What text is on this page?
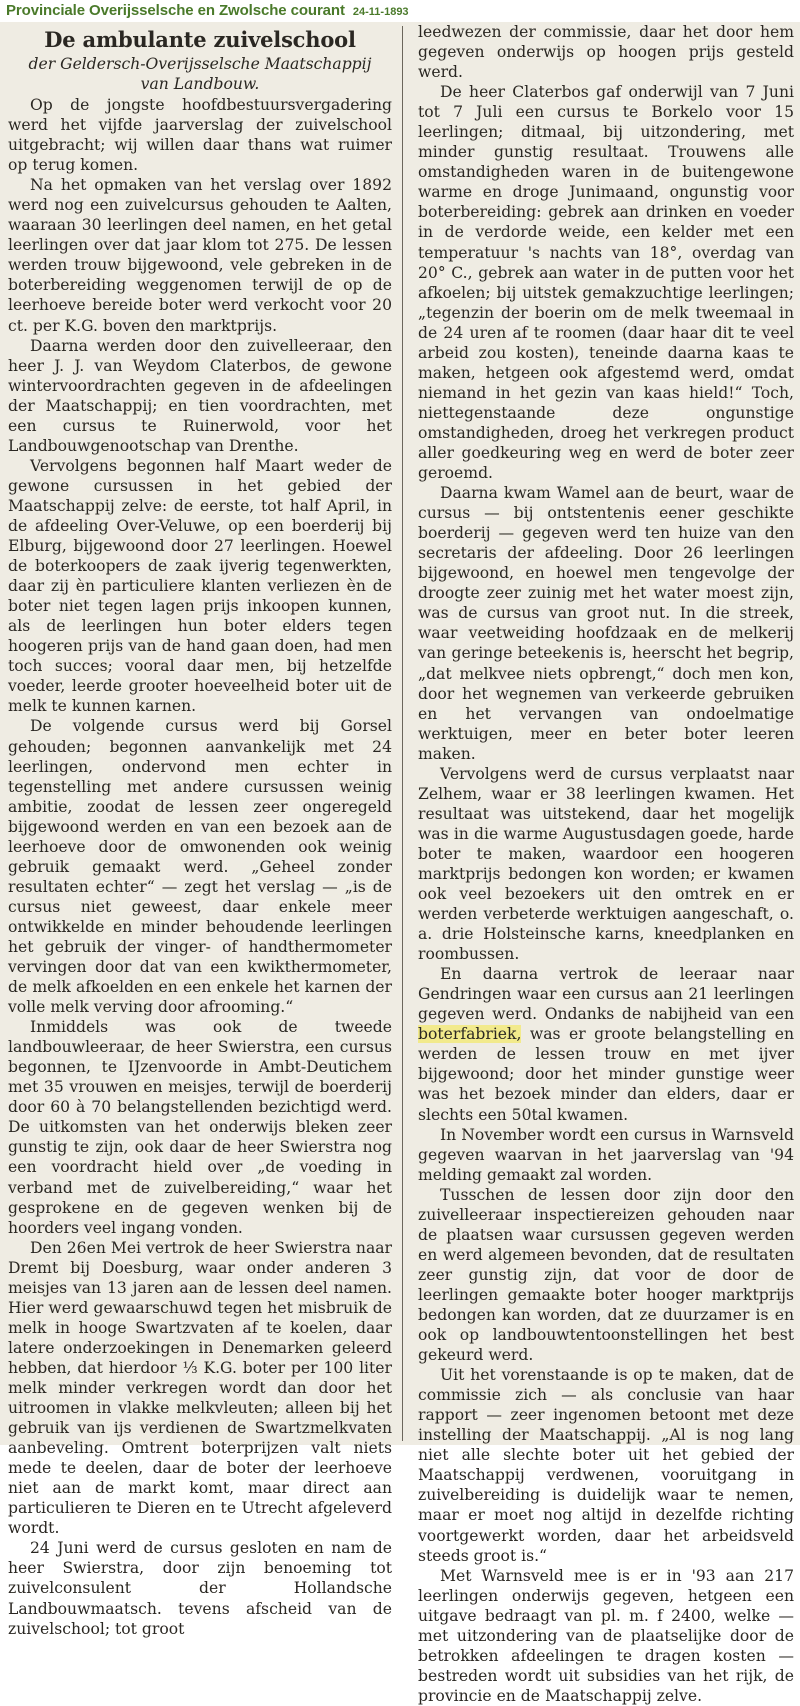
Provinciale Overijsselsche en Zwolsche courant 24-11-1893
De ambulante zuivelschool
der Geldersch-Overijsselsche Maatschappij van Landbouw.

Op de jongste hoofdbestuursvergadering werd het vijfde jaarverslag der zuivelschool uitgebracht; wij willen daar thans wat ruimer op terug komen.

Na het opmaken van het verslag over 1892 werd nog een zuivelcursus gehouden te Aalten, waaraan 30 leerlingen deel namen, en het getal leerlingen over dat jaar klom tot 275. De lessen werden trouw bijgewoond, vele gebreken in de boterbereiding weggenomen terwijl de op de leerhoeve bereide boter werd verkocht voor 20 ct. per K.G. boven den marktprijs.

Daarna werden door den zuivelleeraar, den heer J. J. van Weydom Claterbos, de gewone wintervoordrachten gegeven in de afdeelingen der Maatschappij; en tien voordrachten, met een cursus te Ruinerwold, voor het Landbouwgenootschap van Drenthe.

Vervolgens begonnen half Maart weder de gewone cursussen in het gebied der Maatschappij zelve: de eerste, tot half April, in de afdeeling Over-Veluwe, op een boerderij bij Elburg, bijgewoond door 27 leerlingen. Hoewel de boterkoopers de zaak ijverig tegenwerkten, daar zij èn particuliere klanten verliezen èn de boter niet tegen lagen prijs inkoopen kunnen, als de leerlingen hun boter elders tegen hoogeren prijs van de hand gaan doen, had men toch succes; vooral daar men, bij hetzelfde voeder, leerde grooter hoeveelheid boter uit de melk te kunnen karnen.

De volgende cursus werd bij Gorsel gehouden; begonnen aanvankelijk met 24 leerlingen, ondervond men echter in tegenstelling met andere cursussen weinig ambitie, zoodat de lessen zeer ongeregeld bijgewoond werden en van een bezoek aan de leerhoeve door de omwonenden ook weinig gebruik gemaakt werd. „Geheel zonder resultaten echter“ — zegt het verslag — „is de cursus niet geweest, daar enkele meer ontwikkelde en minder behoudende leerlingen het gebruik der vinger- of handthermometer vervingen door dat van een kwikthermometer, de melk afkoelden en een enkele het karnen der volle melk verving door afrooming.“

Inmiddels was ook de tweede landbouwleeraar, de heer Swierstra, een cursus begonnen, te IJzenvoorde in Ambt-Deutichem met 35 vrouwen en meisjes, terwijl de boerderij door 60 à 70 belangstellenden bezichtigd werd. De uitkomsten van het onderwijs bleken zeer gunstig te zijn, ook daar de heer Swierstra nog een voordracht hield over „de voeding in verband met de zuivelbereiding,“ waar het gesprokene en de gegeven wenken bij de hoorders veel ingang vonden.

Den 26en Mei vertrok de heer Swierstra naar Dremt bij Doesburg, waar onder anderen 3 meisjes van 13 jaren aan de lessen deel namen. Hier werd gewaarschuwd tegen het misbruik de melk in hooge Swartzvaten af te koelen, daar latere onderzoekingen in Denemarken geleerd hebben, dat hierdoor ⅓ K.G. boter per 100 liter melk minder verkregen wordt dan door het uitroomen in vlakke melkvleuten; alleen bij het gebruik van ijs verdienen de Swartzmelkvaten aanbeveling. Omtrent boterprijzen valt niets mede te deelen, daar de boter der leerhoeve niet aan de markt komt, maar direct aan particulieren te Dieren en te Utrecht afgeleverd wordt.

24 Juni werd de cursus gesloten en nam de heer Swierstra, door zijn benoeming tot zuivelconsulent der Hollandsche Landbouwmaatsch. tevens afscheid van de zuivelschool; tot groot

leedwezen der commissie, daar het door hem gegeven onderwijs op hoogen prijs gesteld werd.

De heer Claterbos gaf onderwijl van 7 Juni tot 7 Juli een cursus te Borkelo voor 15 leerlingen; ditmaal, bij uitzondering, met minder gunstig resultaat. Trouwens alle omstandigheden waren in de buitengewone warme en droge Junimaand, ongunstig voor boterbereiding: gebrek aan drinken en voeder in de verdorde weide, een kelder met een temperatuur 's nachts van 18°, overdag van 20° C., gebrek aan water in de putten voor het afkoelen; bij uitstek gemakzuchtige leerlingen; „tegenzin der boerin om de melk tweemaal in de 24 uren af te roomen (daar haar dit te veel arbeid zou kosten), teneinde daarna kaas te maken, hetgeen ook afgestemd werd, omdat niemand in het gezin van kaas hield!“ Toch, niettegenstaande deze ongunstige omstandigheden, droeg het verkregen product aller goedkeuring weg en werd de boter zeer geroemd.

Daarna kwam Wamel aan de beurt, waar de cursus — bij ontstentenis eener geschikte boerderij — gegeven werd ten huize van den secretaris der afdeeling. Door 26 leerlingen bijgewoond, en hoewel men tengevolge der droogte zeer zuinig met het water moest zijn, was de cursus van groot nut. In die streek, waar veetweiding hoofdzaak en de melkerij van geringe beteekenis is, heerscht het begrip, „dat melkvee niets opbrengt,“ doch men kon, door het wegnemen van verkeerde gebruiken en het vervangen van ondoelmatige werktuigen, meer en beter boter leeren maken.

Vervolgens werd de cursus verplaatst naar Zelhem, waar er 38 leerlingen kwamen. Het resultaat was uitstekend, daar het mogelijk was in die warme Augustusdagen goede, harde boter te maken, waardoor een hoogeren marktprijs bedongen kon worden; er kwamen ook veel bezoekers uit den omtrek en er werden verbeterde werktuigen aangeschaft, o. a. drie Holsteinsche karns, kneedplanken en roombussen.

En daarna vertrok de leeraar naar Gendringen waar een cursus aan 21 leerlingen gegeven werd. Ondanks de nabijheid van een boterfabriek, was er groote belangstelling en werden de lessen trouw en met ijver bijgewoond; door het minder gunstige weer was het bezoek minder dan elders, daar er slechts een 50tal kwamen.

In November wordt een cursus in Warnsveld gegeven waarvan in het jaarverslag van '94 melding gemaakt zal worden.

Tusschen de lessen door zijn door den zuivelleeraar inspectiereizen gehouden naar de plaatsen waar cursussen gegeven werden en werd algemeen bevonden, dat de resultaten zeer gunstig zijn, dat voor de door de leerlingen gemaakte boter hooger marktprijs bedongen kan worden, dat ze duurzamer is en ook op landbouwtentoonstellingen het best gekeurd werd.

Uit het vorenstaande is op te maken, dat de commissie zich — als conclusie van haar rapport — zeer ingenomen betoont met deze instelling der Maatschappij. „Al is nog lang niet alle slechte boter uit het gebied der Maatschappij verdwenen, vooruitgang in zuivelbereiding is duidelijk waar te nemen, maar er moet nog altijd in dezelfde richting voortgewerkt worden, daar het arbeidsveld steeds groot is.“

Met Warnsveld mee is er in '93 aan 217 leerlingen onderwijs gegeven, hetgeen een uitgave bedraagt van pl. m. f 2400, welke — met uitzondering van de plaatselijke door de betrokken afdeelingen te dragen kosten — bestreden wordt uit subsidies van het rijk, de provincie en de Maatschappij zelve.
